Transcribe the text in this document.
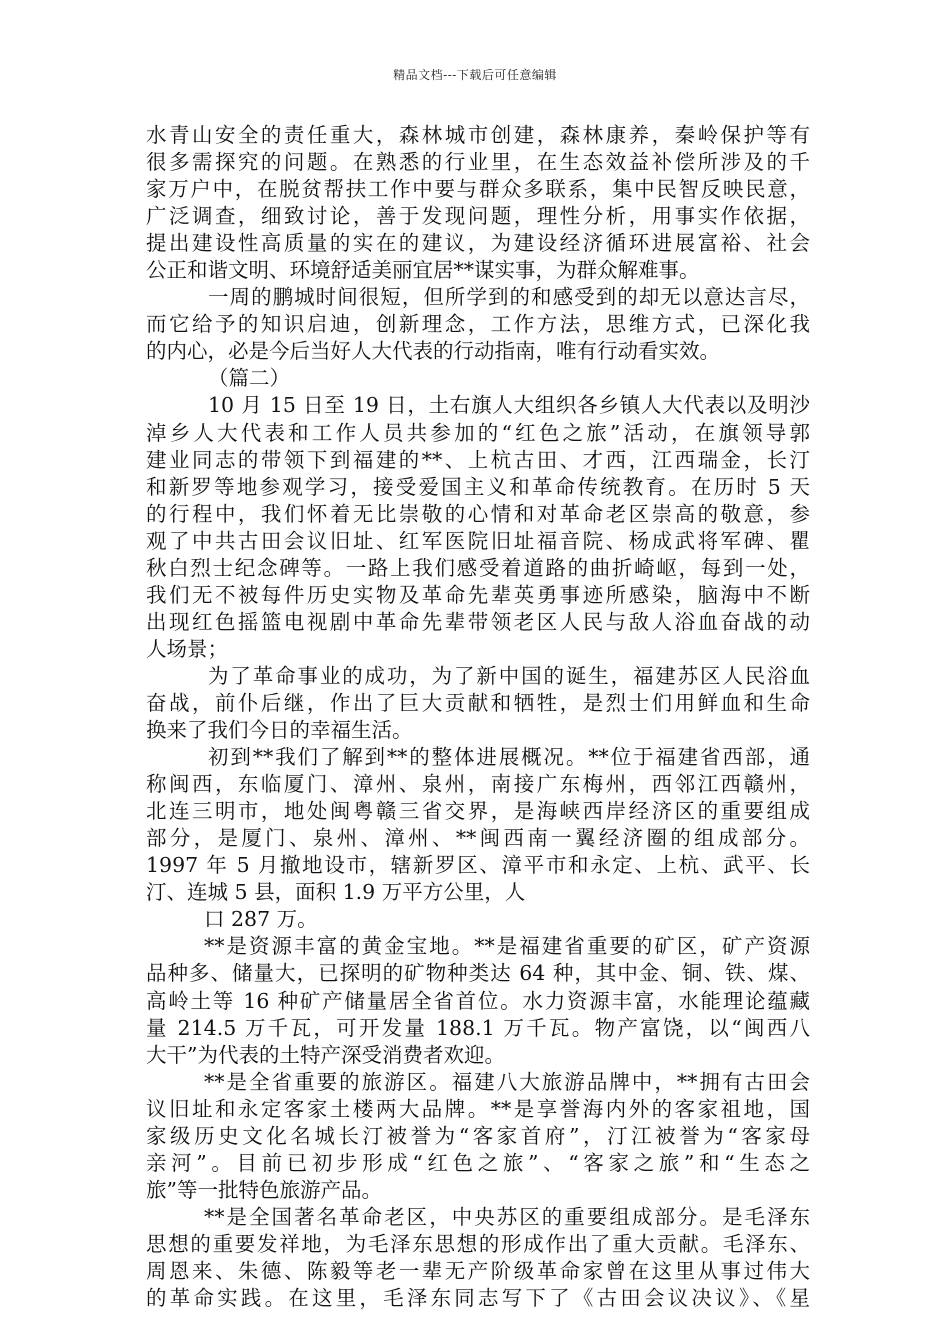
精品文档---下载后可任意编辑
水青山安全的责任重大，森林城市创建，森林康养，秦岭保护等有
很多需探究的问题。在熟悉的行业里，在生态效益补偿所涉及的千
家万户中，在脱贫帮扶工作中要与群众多联系，集中民智反映民意，
广泛调查，细致讨论，善于发现问题，理性分析，用事实作依据，
提出建设性高质量的实在的建议，为建设经济循环进展富裕、社会
公正和谐文明、环境舒适美丽宜居**谋实事，为群众解难事。
一周的鹏城时间很短，但所学到的和感受到的却无以意达言尽，
而它给予的知识启迪，创新理念，工作方法，思维方式，已深化我
的内心，必是今后当好人大代表的行动指南，唯有行动看实效。
（篇二）
10 月 15 日至 19 日，土右旗人大组织各乡镇人大代表以及明沙
淖乡人大代表和工作人员共参加的“红色之旅”活动，在旗领导郭
建业同志的带领下到福建的**、上杭古田、才西，江西瑞金，长汀
和新罗等地参观学习，接受爱国主义和革命传统教育。在历时 5 天
的行程中，我们怀着无比崇敬的心情和对革命老区崇高的敬意，参
观了中共古田会议旧址、红军医院旧址福音院、杨成武将军碑、瞿
秋白烈士纪念碑等。一路上我们感受着道路的曲折崎岖，每到一处，
我们无不被每件历史实物及革命先辈英勇事迹所感染，脑海中不断
出现红色摇篮电视剧中革命先辈带领老区人民与敌人浴血奋战的动
人场景；
为了革命事业的成功，为了新中国的诞生，福建苏区人民浴血
奋战，前仆后继，作出了巨大贡献和牺牲，是烈士们用鲜血和生命
换来了我们今日的幸福生活。
初到**我们了解到**的整体进展概况。**位于福建省西部，通
称闽西，东临厦门、漳州、泉州，南接广东梅州，西邻江西赣州，
北连三明市，地处闽粤赣三省交界，是海峡西岸经济区的重要组成
部分，是厦门、泉州、漳州、**闽西南一翼经济圈的组成部分。
1997 年 5 月撤地设市，辖新罗区、漳平市和永定、上杭、武平、长
汀、连城 5 县，面积 1.9 万平方公里，人
口 287 万。
**是资源丰富的黄金宝地。**是福建省重要的矿区，矿产资源
品种多、储量大，已探明的矿物种类达 64 种，其中金、铜、铁、煤、
高岭土等 16 种矿产储量居全省首位。水力资源丰富，水能理论蕴藏
量 214.5 万千瓦，可开发量 188.1 万千瓦。物产富饶，以“闽西八
大干”为代表的土特产深受消费者欢迎。
**是全省重要的旅游区。福建八大旅游品牌中，**拥有古田会
议旧址和永定客家土楼两大品牌。**是享誉海内外的客家祖地，国
家级历史文化名城长汀被誉为“客家首府”，汀江被誉为“客家母
亲河”。目前已初步形成“红色之旅”、“客家之旅”和“生态之
旅”等一批特色旅游产品。
**是全国著名革命老区，中央苏区的重要组成部分。是毛泽东
思想的重要发祥地，为毛泽东思想的形成作出了重大贡献。毛泽东、
周恩来、朱德、陈毅等老一辈无产阶级革命家曾在这里从事过伟大
的革命实践。在这里，毛泽东同志写下了《古田会议决议》、《星
